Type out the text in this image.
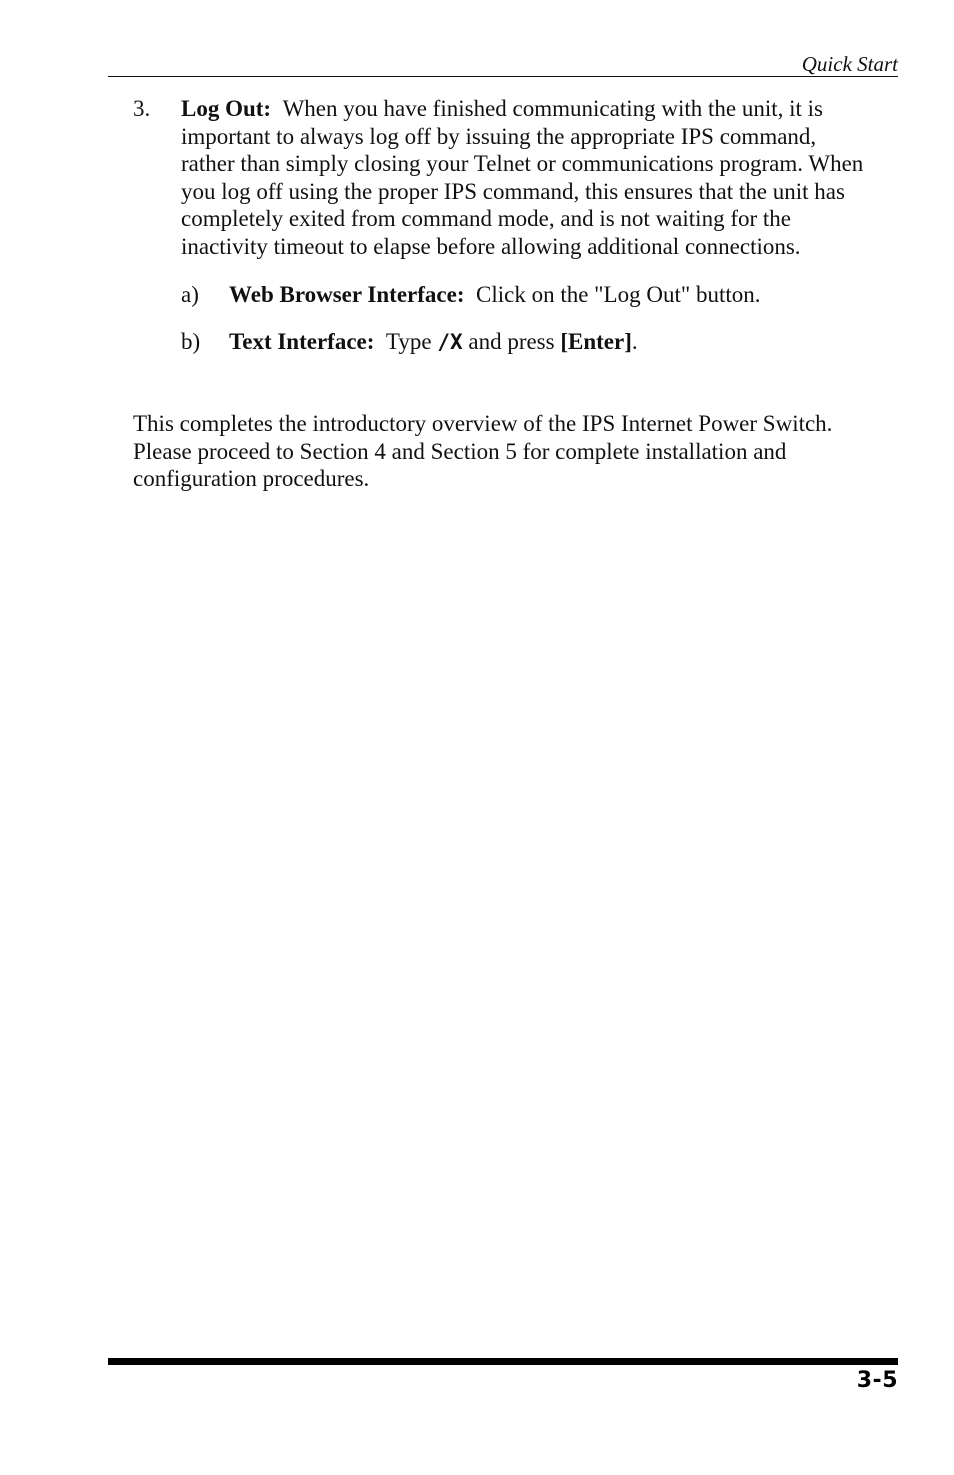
Quick Start
3.	Log Out: When you have finished communicating with the unit, it is important to always log off by issuing the appropriate IPS command, rather than simply closing your Telnet or communications program. When you log off using the proper IPS command, this ensures that the unit has completely exited from command mode, and is not waiting for the inactivity timeout to elapse before allowing additional connections.
a)	Web Browser Interface: Click on the "Log Out" button.
b)	Text Interface: Type /X and press [Enter].
This completes the introductory overview of the IPS Internet Power Switch. Please proceed to Section 4 and Section 5 for complete installation and configuration procedures.
3-5
